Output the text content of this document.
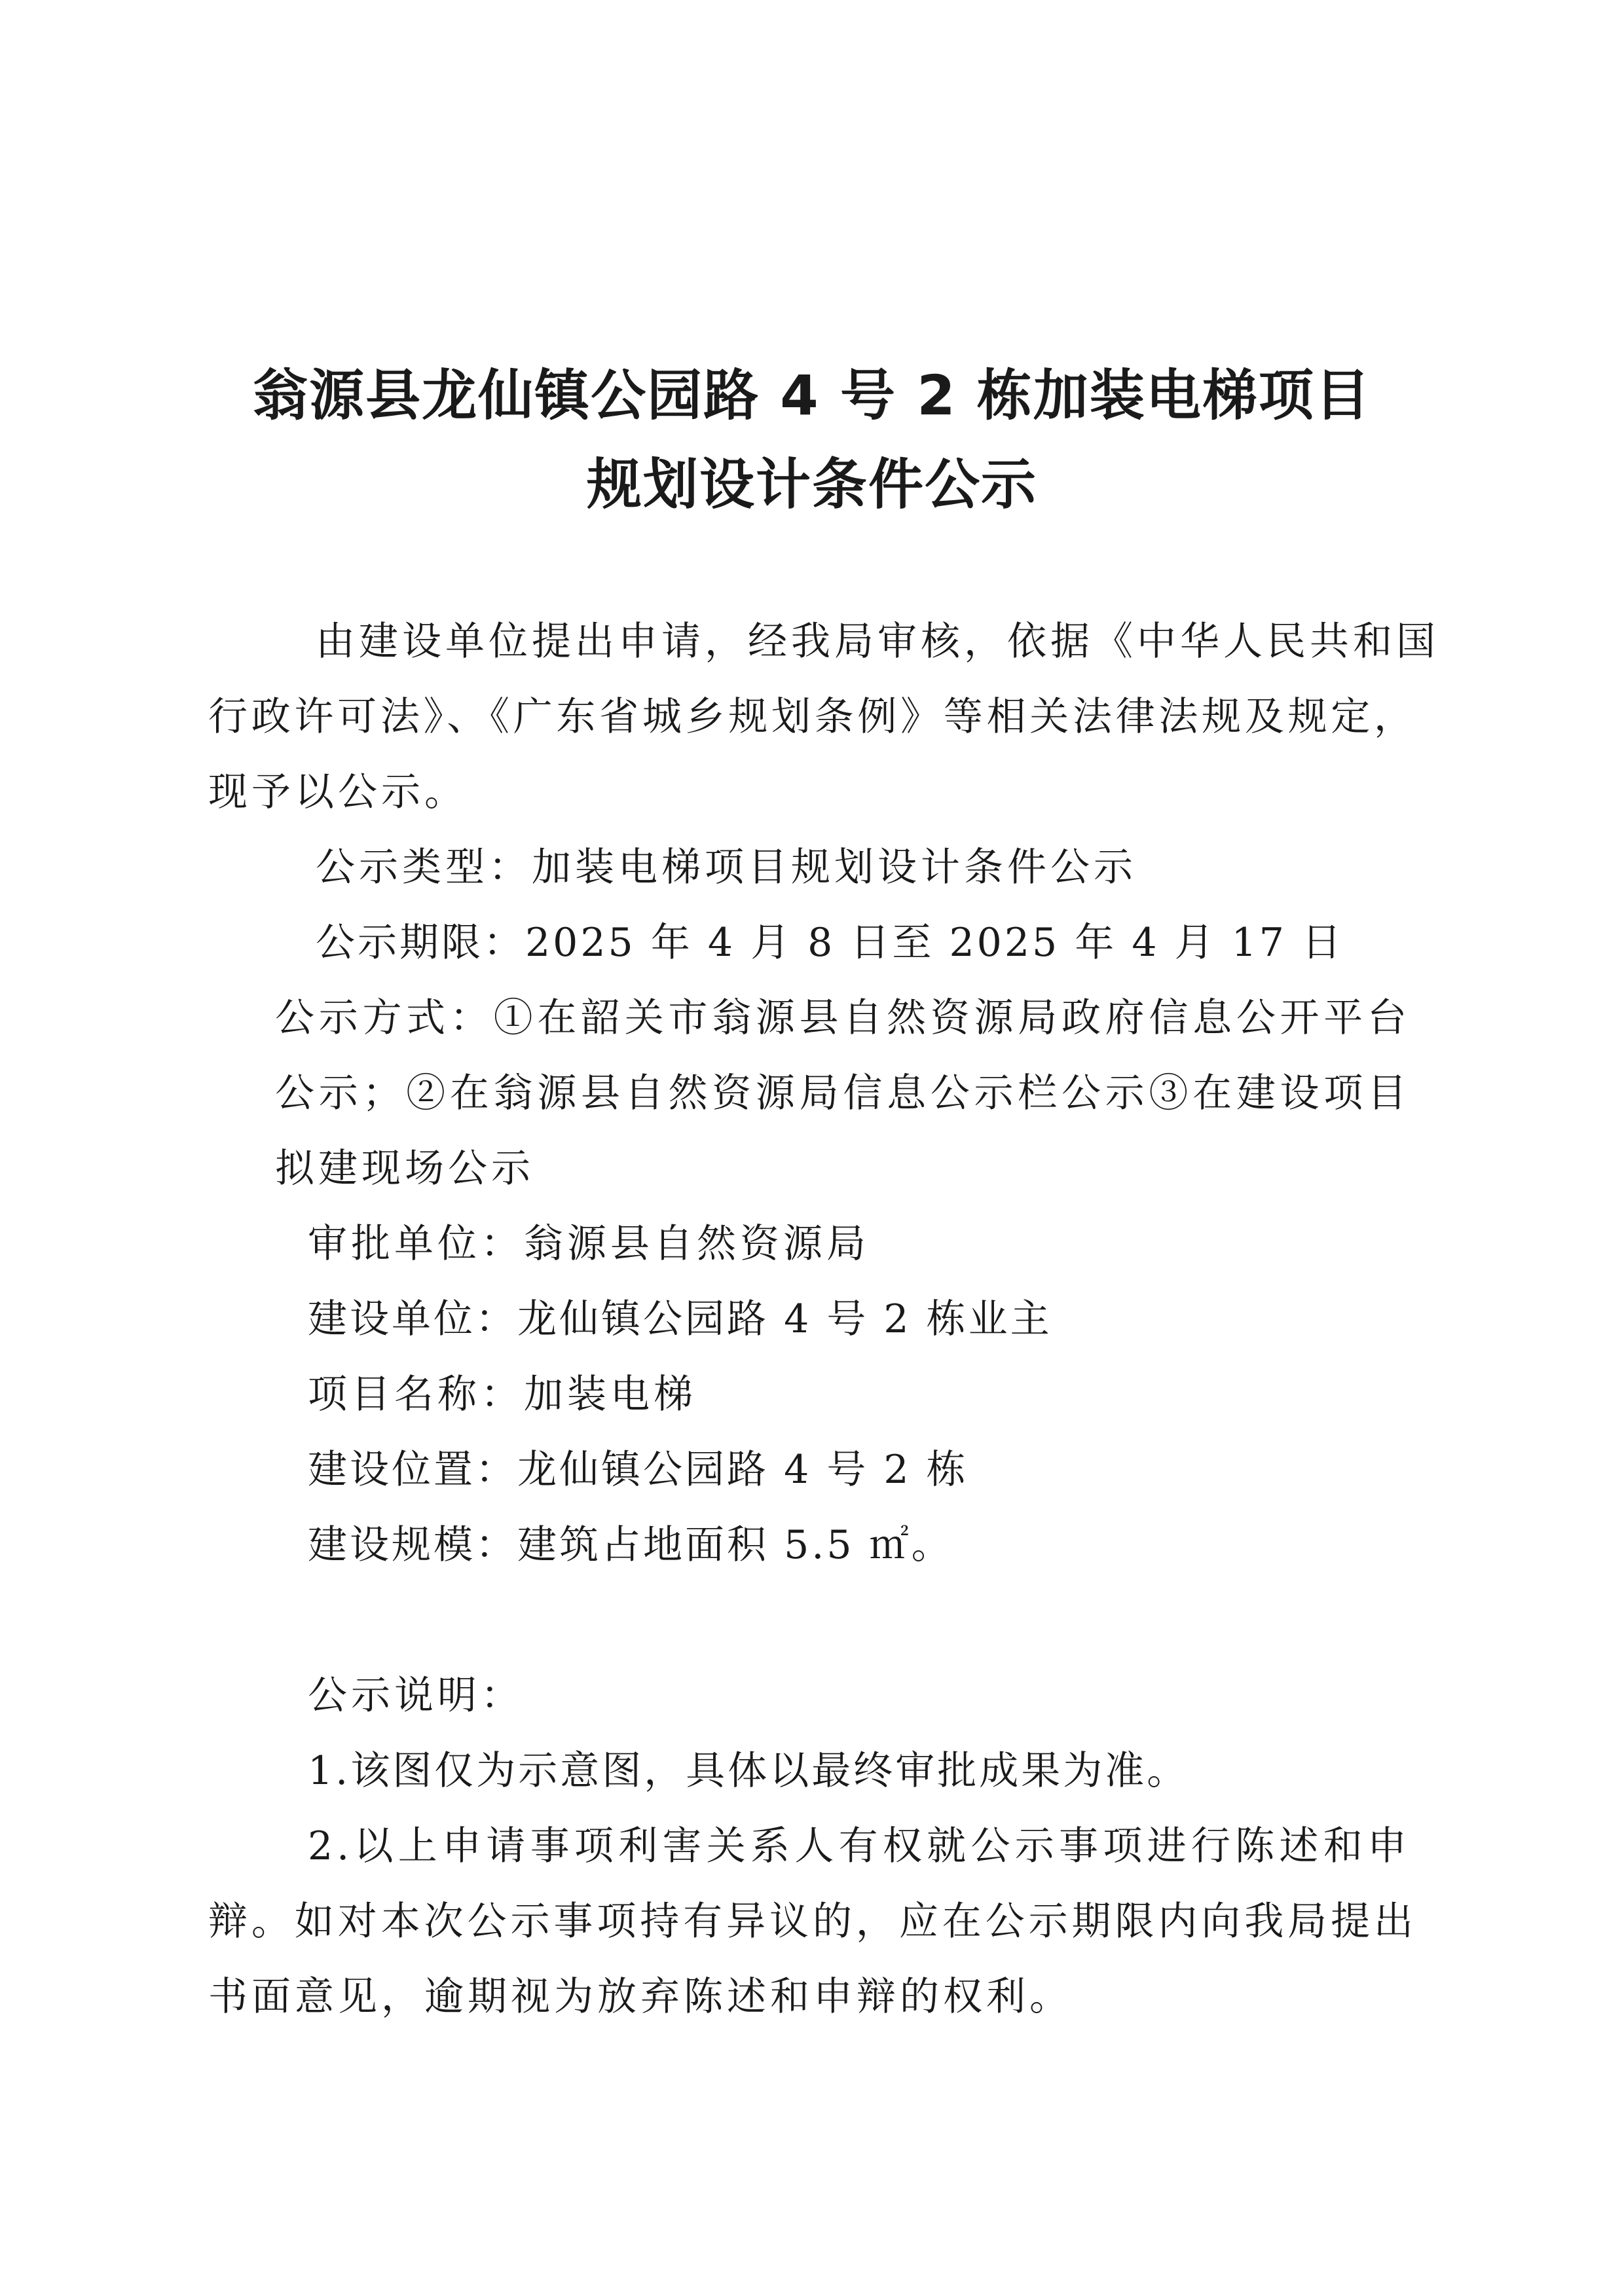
翁源县龙仙镇公园路 4 号 2 栋加装电梯项目
规划设计条件公示
由建设单位提出申请，经我局审核，依据《中华人民共和国
行政许可法》、《广东省城乡规划条例》等相关法律法规及规定，
现予以公示。
公示类型：加装电梯项目规划设计条件公示
公示期限：2025 年 4 月 8 日至 2025 年 4 月 17 日
公示方式：①在韶关市翁源县自然资源局政府信息公开平台
公示；②在翁源县自然资源局信息公示栏公示③在建设项目
拟建现场公示
审批单位：翁源县自然资源局
建设单位：龙仙镇公园路 4 号 2 栋业主
项目名称：加装电梯
建设位置：龙仙镇公园路 4 号 2 栋
建设规模：建筑占地面积 5.5 ㎡。
公示说明：
1.该图仅为示意图，具体以最终审批成果为准。
2.以上申请事项利害关系人有权就公示事项进行陈述和申
辩。如对本次公示事项持有异议的，应在公示期限内向我局提出
书面意见，逾期视为放弃陈述和申辩的权利。
